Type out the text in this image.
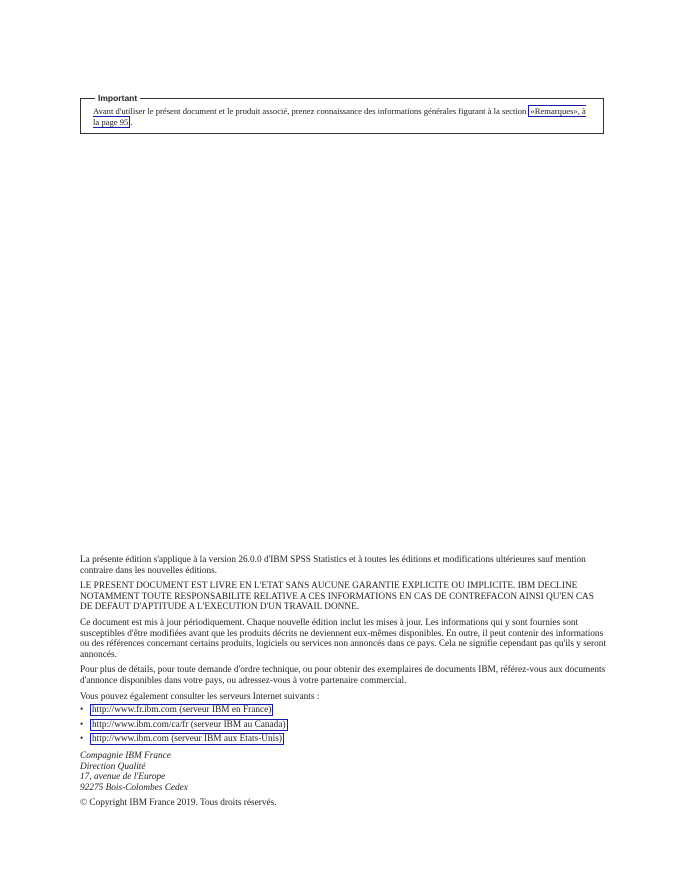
Important
Avant d'utiliser le présent document et le produit associé, prenez connaissance des informations générales figurant à la section «Remarques», à la page 95 .

La présente édition s'applique à la version 26.0.0 d'IBM SPSS Statistics et à toutes les éditions et modifications ultérieures sauf mention contraire dans les nouvelles éditions.

LE PRESENT DOCUMENT EST LIVRE EN L'ETAT SANS AUCUNE GARANTIE EXPLICITE OU IMPLICITE. IBM DECLINE NOTAMMENT TOUTE RESPONSABILITE RELATIVE A CES INFORMATIONS EN CAS DE CONTREFACON AINSI QU'EN CAS DE DEFAUT D'APTITUDE A L'EXECUTION D'UN TRAVAIL DONNE.

Ce document est mis à jour périodiquement. Chaque nouvelle édition inclut les mises à jour. Les informations qui y sont fournies sont susceptibles d'être modifiées avant que les produits décrits ne deviennent eux-mêmes disponibles. En outre, il peut contenir des informations ou des références concernant certains produits, logiciels ou services non annoncés dans ce pays. Cela ne signifie cependant pas qu'ils y seront annoncés.

Pour plus de détails, pour toute demande d'ordre technique, ou pour obtenir des exemplaires de documents IBM, référez-vous aux documents d'annonce disponibles dans votre pays, ou adressez-vous à votre partenaire commercial.

Vous pouvez également consulter les serveurs Internet suivants :

• http://www.fr.ibm.com (serveur IBM en France)
• http://www.ibm.com/ca/fr (serveur IBM au Canada)
• http://www.ibm.com (serveur IBM aux Etats-Unis)
Compagnie IBM France
Direction Qualité
17, avenue de l'Europe
92275 Bois-Colombes Cedex

© Copyright IBM France 2019. Tous droits réservés.
